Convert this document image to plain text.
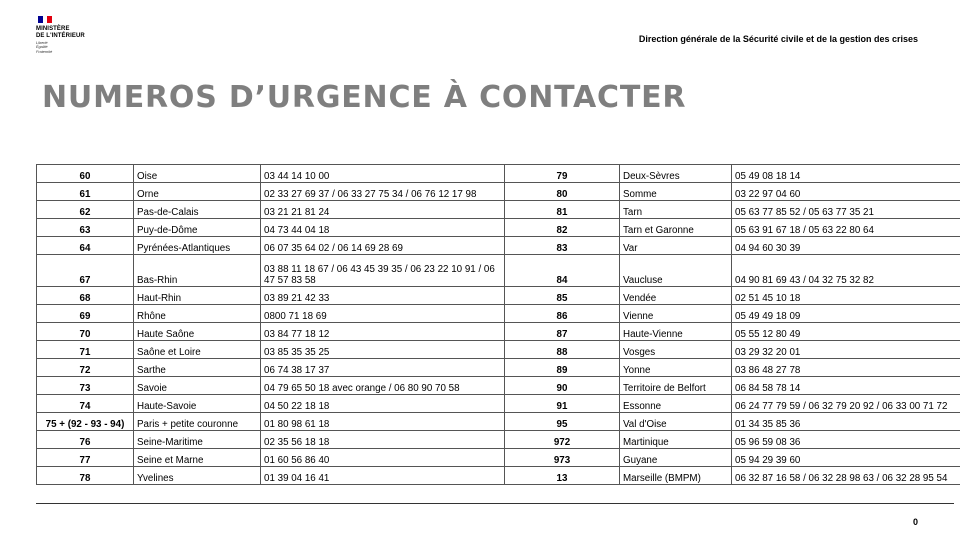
MINISTÈRE
DE L'INTÉRIEUR
Liberté
Égalité
Fraternité
Direction générale de la Sécurité civile et de la gestion des crises
NUMEROS D’URGENCE À CONTACTER
60	Oise	03 44 14 10 00	79	Deux-Sèvres	05 49 08 18 14
61	Orne	02 33 27 69 37 / 06 33 27 75 34 / 06 76 12 17 98	80	Somme	03 22 97 04 60
62	Pas-de-Calais	03 21 21 81 24	81	Tarn	05 63 77 85 52 / 05 63 77 35 21
63	Puy-de-Dôme	04 73 44 04 18	82	Tarn et Garonne	05 63 91 67 18 / 05 63 22 80 64
64	Pyrénées-Atlantiques	06 07 35 64 02 / 06 14 69 28 69	83	Var	04 94 60 30 39
67	Bas-Rhin	03 88 11 18 67 / 06 43 45 39 35 / 06 23 22 10 91 / 06 47 57 83 58	84	Vaucluse	04 90 81 69 43 / 04 32 75 32 82
68	Haut-Rhin	03 89 21 42 33	85	Vendée	02 51 45 10 18
69	Rhône	0800 71 18 69	86	Vienne	05 49 49 18 09
70	Haute Saône	03 84 77 18 12	87	Haute-Vienne	05 55 12 80 49
71	Saône et Loire	03 85 35 35 25	88	Vosges	03 29 32 20 01
72	Sarthe	06 74 38 17 37	89	Yonne	03 86 48 27 78
73	Savoie	04 79 65 50 18 avec orange / 06 80 90 70 58	90	Territoire de Belfort	06 84 58 78 14
74	Haute-Savoie	04 50 22 18 18	91	Essonne	06 24 77 79 59 / 06 32 79 20 92 / 06 33 00 71 72
75 + (92 - 93 - 94)	Paris + petite couronne	01 80 98 61 18	95	Val d'Oise	01 34 35 85 36
76	Seine-Maritime	02 35 56 18 18	972	Martinique	05 96 59 08 36
77	Seine et Marne	01 60 56 86 40	973	Guyane	05 94 29 39 60
78	Yvelines	01 39 04 16 41	13	Marseille (BMPM)	06 32 87 16 58 / 06 32 28 98 63 / 06 32 28 95 54
0
